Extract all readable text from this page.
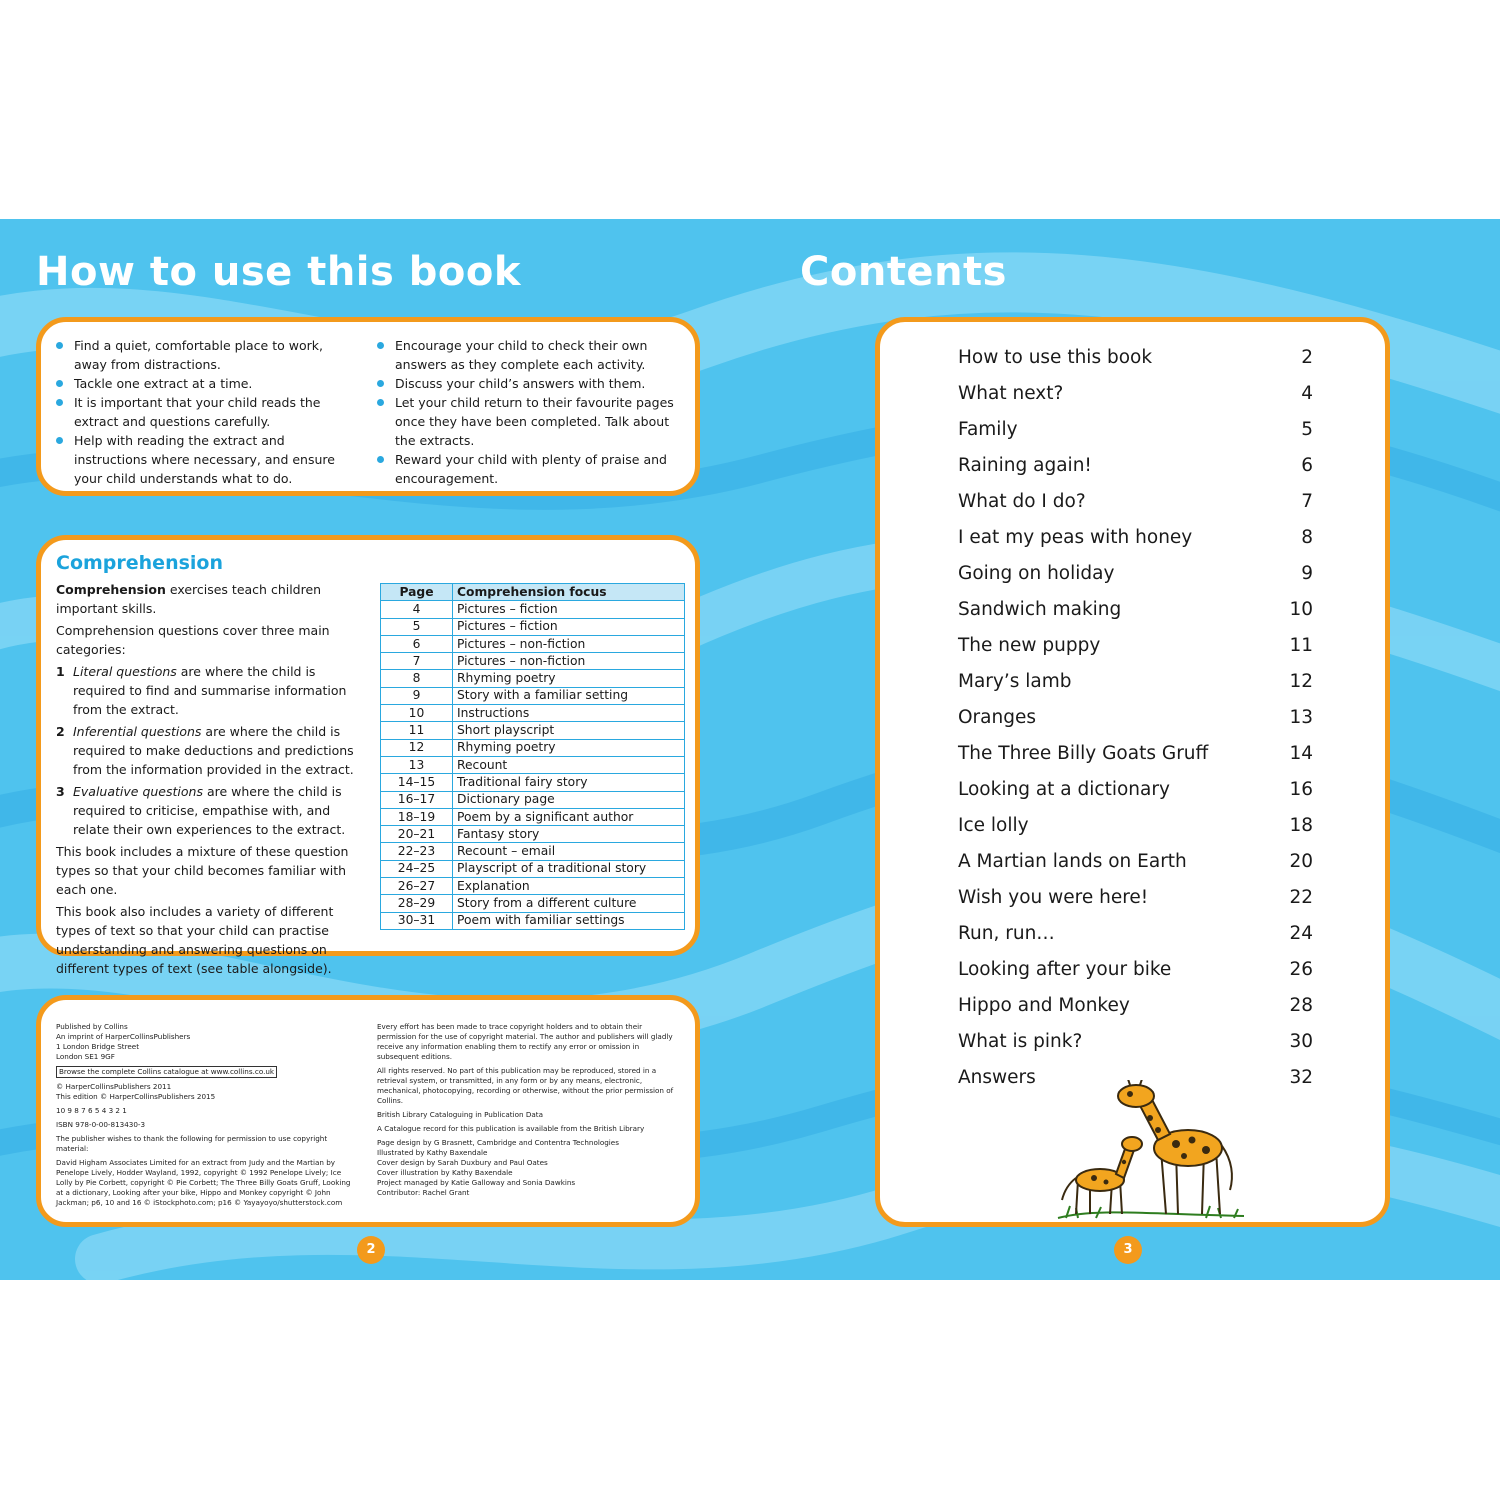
How to use this book	Contents
Find a quiet, comfortable place to work, away from distractions.
Tackle one extract at a time.
It is important that your child reads the extract and questions carefully.
Help with reading the extract and instructions where necessary, and ensure your child understands what to do.
Encourage your child to check their own answers as they complete each activity.
Discuss your child’s answers with them.
Let your child return to their favourite pages once they have been completed. Talk about the extracts.
Reward your child with plenty of praise and encouragement.
Comprehension

Comprehension exercises teach children important skills.

Comprehension questions cover three main categories:

1 Literal questions are where the child is required to find and summarise information from the extract.
2 Inferential questions are where the child is required to make deductions and predictions from the information provided in the extract.
3 Evaluative questions are where the child is required to criticise, empathise with, and relate their own experiences to the extract.

This book includes a mixture of these question types so that your child becomes familiar with each one.

This book also includes a variety of different types of text so that your child can practise understanding and answering questions on different types of text (see table alongside).

Page	Comprehension focus
4	Pictures – fiction
5	Pictures – fiction
6	Pictures – non-fiction
7	Pictures – non-fiction
8	Rhyming poetry
9	Story with a familiar setting
10	Instructions
11	Short playscript
12	Rhyming poetry
13	Recount
14–15	Traditional fairy story
16–17	Dictionary page
18–19	Poem by a significant author
20–21	Fantasy story
22–23	Recount – email
24–25	Playscript of a traditional story
26–27	Explanation
28–29	Story from a different culture
30–31	Poem with familiar settings

Published by Collins
An imprint of HarperCollinsPublishers
1 London Bridge Street
London SE1 9GF

Browse the complete Collins catalogue at www.collins.co.uk

© HarperCollinsPublishers 2011
This edition © HarperCollinsPublishers 2015

10 9 8 7 6 5 4 3 2 1

ISBN 978-0-00-813430-3

The publisher wishes to thank the following for permission to use copyright material:

David Higham Associates Limited for an extract from Judy and the Martian by Penelope Lively, Hodder Wayland, 1992, copyright © 1992 Penelope Lively; Ice Lolly by Pie Corbett, copyright © Pie Corbett; The Three Billy Goats Gruff, Looking at a dictionary, Looking after your bike, Hippo and Monkey copyright © John Jackman; p6, 10 and 16 © iStockphoto.com; p16 © Yayayoyo/shutterstock.com

Every effort has been made to trace copyright holders and to obtain their permission for the use of copyright material. The author and publishers will gladly receive any information enabling them to rectify any error or omission in subsequent editions.

All rights reserved. No part of this publication may be reproduced, stored in a retrieval system, or transmitted, in any form or by any means, electronic, mechanical, photocopying, recording or otherwise, without the prior permission of Collins.

British Library Cataloguing in Publication Data

A Catalogue record for this publication is available from the British Library

Page design by G Brasnett, Cambridge and Contentra Technologies
Illustrated by Kathy Baxendale
Cover design by Sarah Duxbury and Paul Oates
Cover illustration by Kathy Baxendale
Project managed by Katie Galloway and Sonia Dawkins
Contributor: Rachel Grant

How to use this book	2
What next?	4
Family	5
Raining again!	6
What do I do?	7
I eat my peas with honey	8
Going on holiday	9
Sandwich making	10
The new puppy	11
Mary’s lamb	12
Oranges	13
The Three Billy Goats Gruff	14
Looking at a dictionary	16
Ice lolly	18
A Martian lands on Earth	20
Wish you were here!	22
Run, run…	24
Looking after your bike	26
Hippo and Monkey	28
What is pink?	30
Answers	32
2	3
